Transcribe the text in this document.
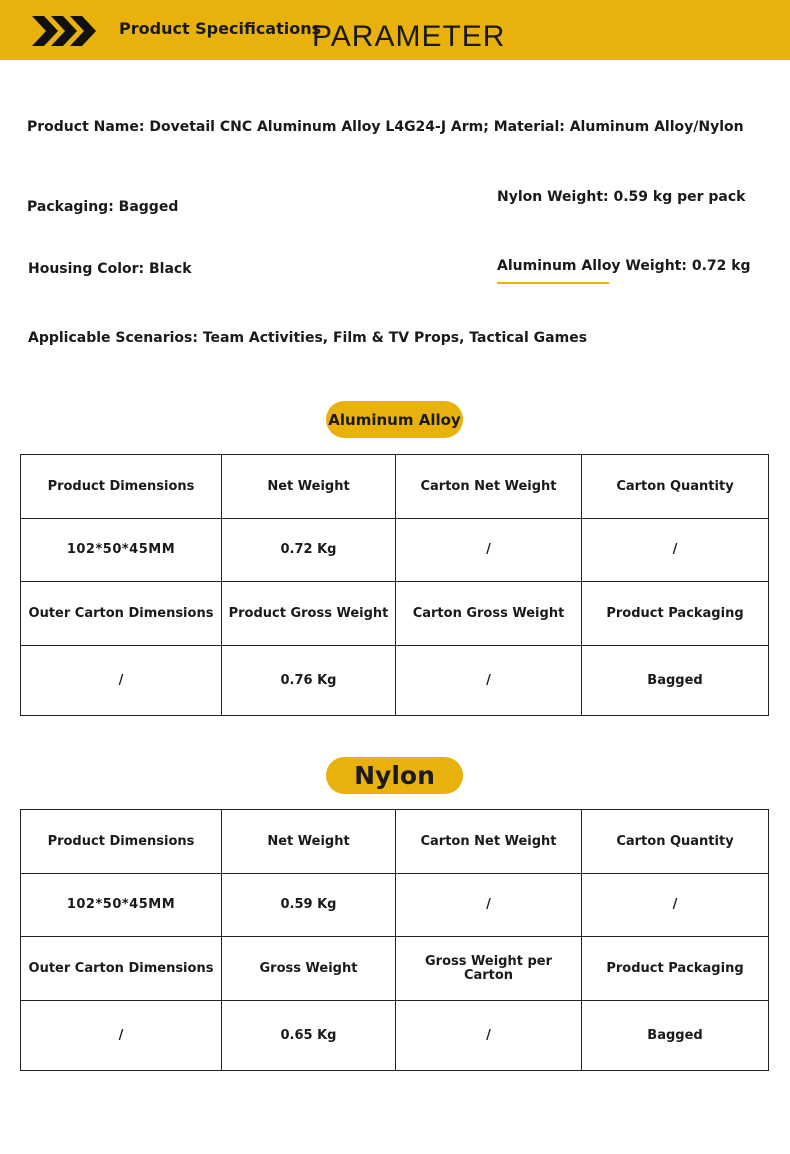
Product Specifications
PARAMETER
Product Name: Dovetail CNC Aluminum Alloy L4G24-J Arm; Material: Aluminum Alloy/Nylon
Packaging: Bagged
Nylon Weight: 0.59 kg per pack
Housing Color: Black	Aluminum Alloy Weight: 0.72 kg
Applicable Scenarios: Team Activities, Film & TV Props, Tactical Games
Aluminum Alloy
Product Dimensions	Net Weight	Carton Net Weight	Carton Quantity
102*50*45MM	0.72 Kg	/	/
Outer Carton Dimensions	Product Gross Weight	Carton Gross Weight	Product Packaging
/	0.76 Kg	/	Bagged
Nylon
Product Dimensions	Net Weight	Carton Net Weight	Carton Quantity
102*50*45MM	0.59 Kg	/	/
Outer Carton Dimensions	Gross Weight	Gross Weight per Carton	Product Packaging
/	0.65 Kg	/	Bagged
